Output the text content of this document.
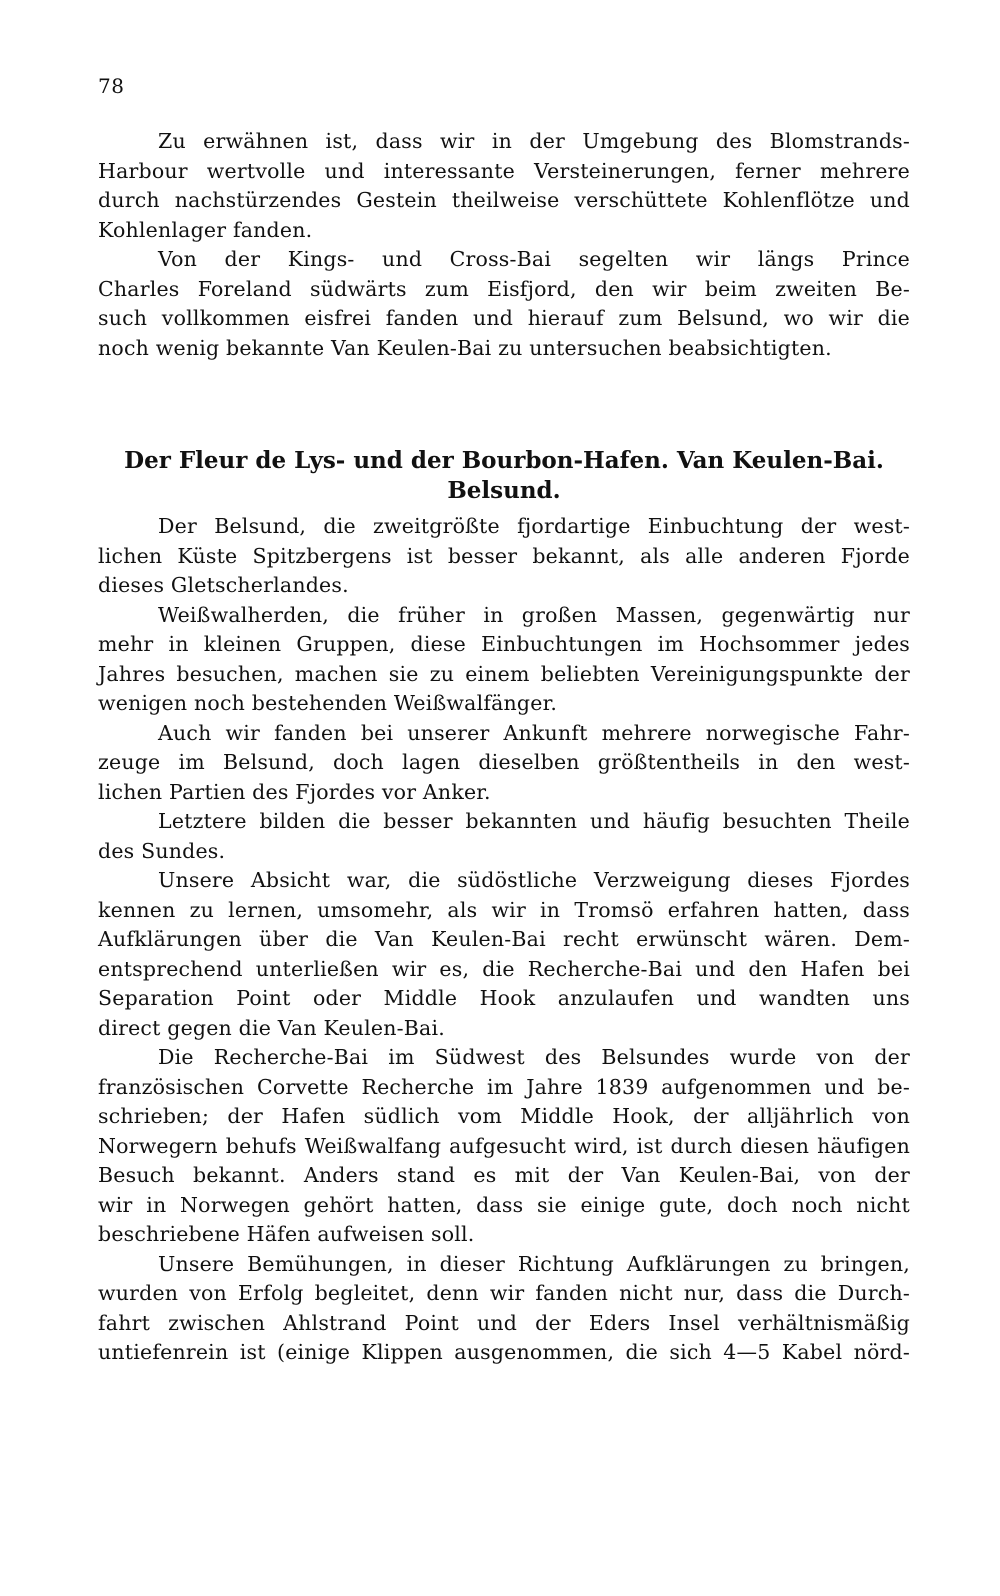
78
Zu erwähnen ist, dass wir in der Umgebung des Blomstrands-
Harbour wertvolle und interessante Versteinerungen, ferner mehrere
durch nachstürzendes Gestein theilweise verschüttete Kohlenflötze und
Kohlenlager fanden.
Von der Kings- und Cross-Bai segelten wir längs Prince
Charles Foreland südwärts zum Eisfjord, den wir beim zweiten Be-
such vollkommen eisfrei fanden und hierauf zum Belsund, wo wir die
noch wenig bekannte Van Keulen-Bai zu untersuchen beabsichtigten.
Der Fleur de Lys- und der Bourbon-Hafen. Van Keulen-Bai.
Belsund.
Der Belsund, die zweitgrößte fjordartige Einbuchtung der west-
lichen Küste Spitzbergens ist besser bekannt, als alle anderen Fjorde
dieses Gletscherlandes.
Weißwalherden, die früher in großen Massen, gegenwärtig nur
mehr in kleinen Gruppen, diese Einbuchtungen im Hochsommer jedes
Jahres besuchen, machen sie zu einem beliebten Vereinigungspunkte der
wenigen noch bestehenden Weißwalfänger.
Auch wir fanden bei unserer Ankunft mehrere norwegische Fahr-
zeuge im Belsund, doch lagen dieselben größtentheils in den west-
lichen Partien des Fjordes vor Anker.
Letztere bilden die besser bekannten und häufig besuchten Theile
des Sundes.
Unsere Absicht war, die südöstliche Verzweigung dieses Fjordes
kennen zu lernen, umsomehr, als wir in Tromsö erfahren hatten, dass
Aufklärungen über die Van Keulen-Bai recht erwünscht wären. Dem-
entsprechend unterließen wir es, die Recherche-Bai und den Hafen bei
Separation Point oder Middle Hook anzulaufen und wandten uns
direct gegen die Van Keulen-Bai.
Die Recherche-Bai im Südwest des Belsundes wurde von der
französischen Corvette Recherche im Jahre 1839 aufgenommen und be-
schrieben; der Hafen südlich vom Middle Hook, der alljährlich von
Norwegern behufs Weißwalfang aufgesucht wird, ist durch diesen häufigen
Besuch bekannt. Anders stand es mit der Van Keulen-Bai, von der
wir in Norwegen gehört hatten, dass sie einige gute, doch noch nicht
beschriebene Häfen aufweisen soll.
Unsere Bemühungen, in dieser Richtung Aufklärungen zu bringen,
wurden von Erfolg begleitet, denn wir fanden nicht nur, dass die Durch-
fahrt zwischen Ahlstrand Point und der Eders Insel verhältnismäßig
untiefenrein ist (einige Klippen ausgenommen, die sich 4—5 Kabel nörd-
